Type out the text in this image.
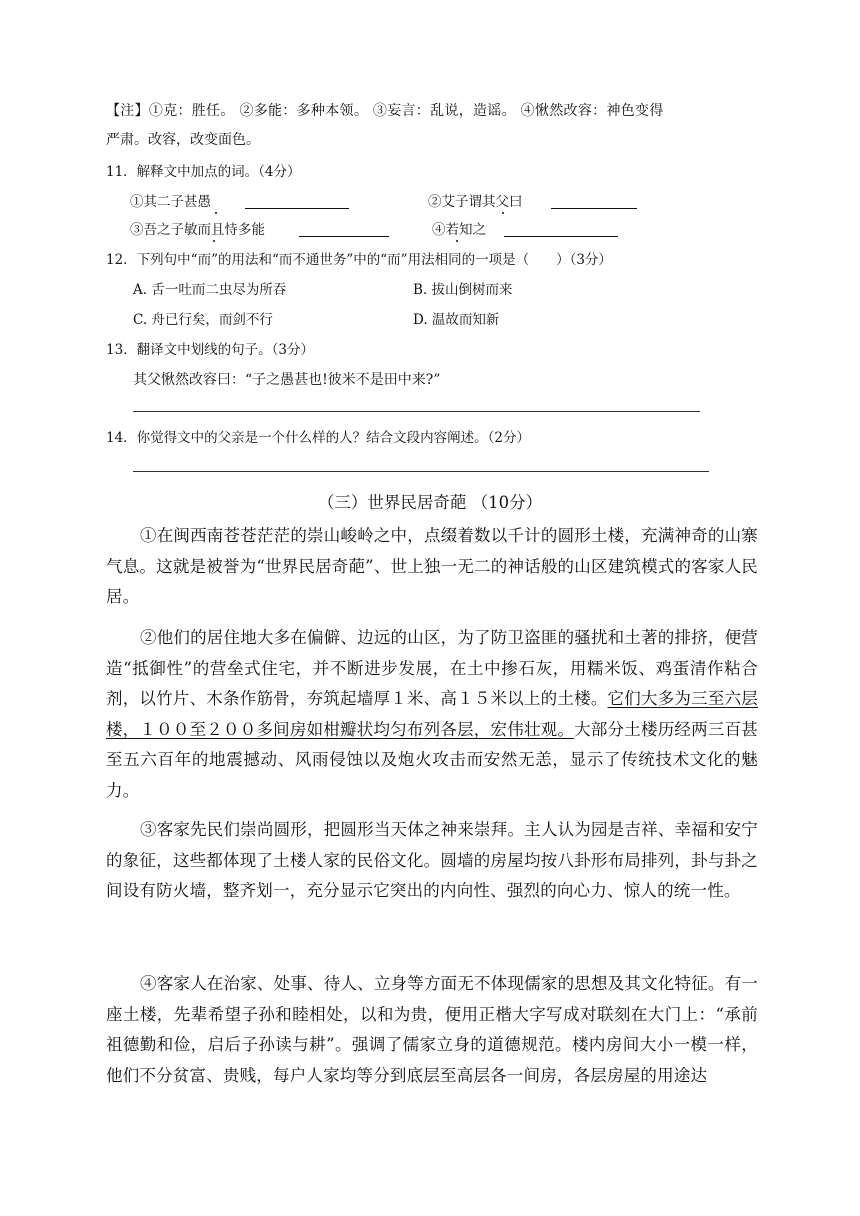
【注】①克：胜任。 ②多能：多种本领。 ③妄言：乱说，造谣。 ④愀然改容：神色变得
严肃。改容，改变面色。
11．解释文中加点的词。（4分）
①其二子甚愚	②艾子谓其父曰
③吾之子敏而且恃多能	④若知之
12．下列句中“而”的用法和“而不通世务”中的“而”用法相同的一项是（　　）（3分）
A. 舌一吐而二虫尽为所吞	B. 拔山倒树而来
C. 舟已行矣，而剑不行	D. 温故而知新
13．翻译文中划线的句子。（3分）
其父愀然改容曰：“子之愚甚也!彼米不是田中来?”
14．你觉得文中的父亲是一个什么样的人？结合文段内容阐述。（2分）
（三）世界民居奇葩 （10分）
①在闽西南苍苍茫茫的崇山峻岭之中，点缀着数以千计的圆形土楼，充满神奇的山寨气息。这就是被誉为“世界民居奇葩”、世上独一无二的神话般的山区建筑模式的客家人民居。
②他们的居住地大多在偏僻、边远的山区，为了防卫盗匪的骚扰和土著的排挤，便营造“抵御性”的营垒式住宅，并不断进步发展，在土中掺石灰，用糯米饭、鸡蛋清作粘合剂，以竹片、木条作筋骨，夯筑起墙厚１米、高１５米以上的土楼。它们大多为三至六层楼，１００至２００多间房如柑瓣状均匀布列各层，宏伟壮观。大部分土楼历经两三百甚至五六百年的地震撼动、风雨侵蚀以及炮火攻击而安然无恙，显示了传统技术文化的魅力。
③客家先民们崇尚圆形，把圆形当天体之神来崇拜。主人认为园是吉祥、幸福和安宁的象征，这些都体现了土楼人家的民俗文化。圆墙的房屋均按八卦形布局排列，卦与卦之间设有防火墙，整齐划一，充分显示它突出的内向性、强烈的向心力、惊人的统一性。
④客家人在治家、处事、待人、立身等方面无不体现儒家的思想及其文化特征。有一座土楼，先辈希望子孙和睦相处，以和为贵，便用正楷大字写成对联刻在大门上：“承前祖德勤和俭，启后子孙读与耕”。强调了儒家立身的道德规范。楼内房间大小一模一样，他们不分贫富、贵贱，每户人家均等分到底层至高层各一间房，各层房屋的用途达
